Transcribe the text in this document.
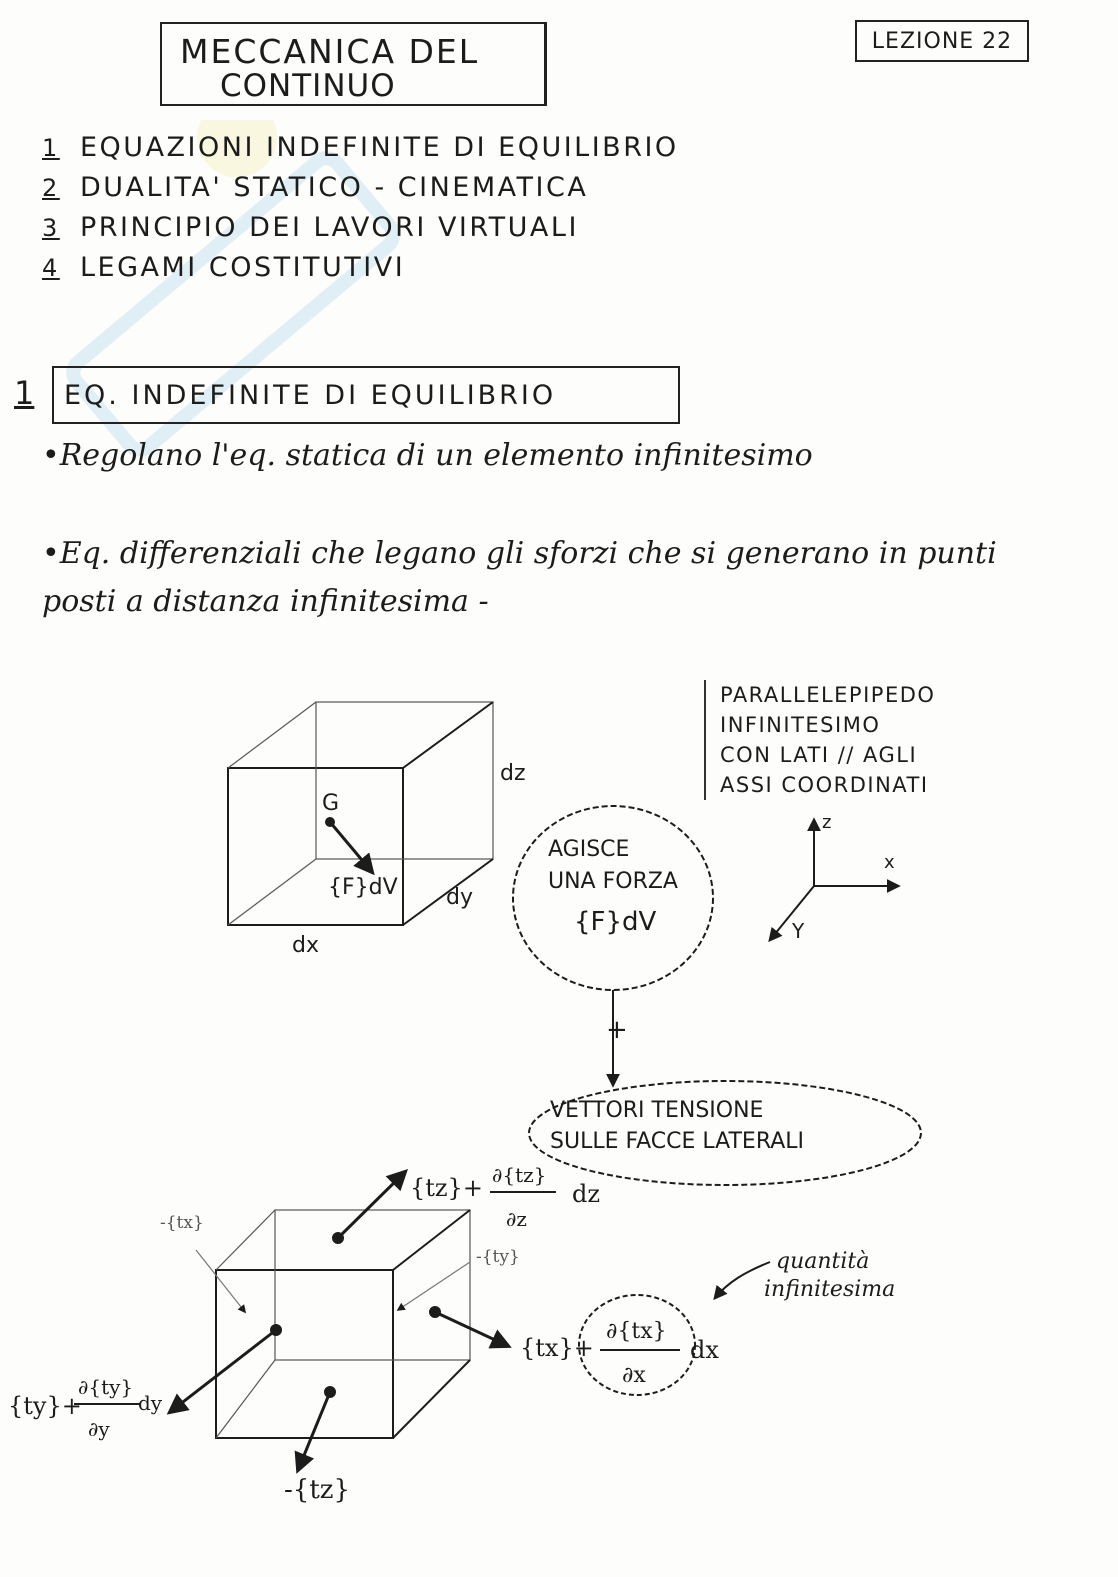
MECCANICA DEL
CONTINUO
LEZIONE 22
1 EQUAZIONI INDEFINITE DI EQUILIBRIO
2 DUALITA' STATICO - CINEMATICA
3 PRINCIPIO DEI LAVORI VIRTUALI
4 LEGAMI COSTITUTIVI
1	EQ. INDEFINITE DI EQUILIBRIO
•Regolano l'eq. statica di un elemento infinitesimo
•Eq. differenziali che legano gli sforzi che si generano in punti posti a distanza infinitesima -
PARALLELEPIPEDO
INFINITESIMO
CON LATI // AGLI
ASSI COORDINATI
G
{F}dV
dx
dy
dz
z
x
Y
AGISCE
UNA FORZA
{F}dV
+
VETTORI TENSIONE
SULLE FACCE LATERALI
{tz}+ ∂{tz}
∂z
dz
-{tx}
-{ty}
{tx}+
∂{tx}
∂x
dx
{ty}+
∂{ty}
∂y
dy
-{tz}
quantità
infinitesima
